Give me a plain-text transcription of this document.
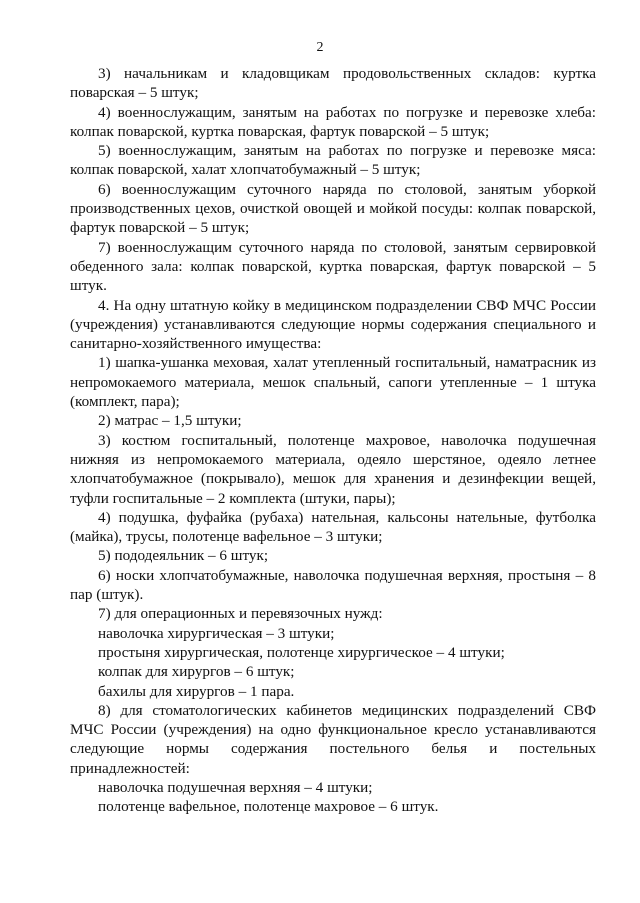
2

3) начальникам и кладовщикам продовольственных складов: куртка поварская – 5 штук;

4) военнослужащим, занятым на работах по погрузке и перевозке хлеба: колпак поварской, куртка поварская, фартук поварской – 5 штук;

5) военнослужащим, занятым на работах по погрузке и перевозке мяса: колпак поварской, халат хлопчатобумажный – 5 штук;

6) военнослужащим суточного наряда по столовой, занятым уборкой производственных цехов, очисткой овощей и мойкой посуды: колпак поварской, фартук поварской – 5 штук;

7) военнослужащим суточного наряда по столовой, занятым сервировкой обеденного зала: колпак поварской, куртка поварская, фартук поварской – 5 штук.

4. На одну штатную койку в медицинском подразделении СВФ МЧС России (учреждения) устанавливаются следующие нормы содержания специального и санитарно-хозяйственного имущества:

1) шапка-ушанка меховая, халат утепленный госпитальный, наматрасник из непромокаемого материала, мешок спальный, сапоги утепленные – 1 штука (комплект, пара);

2) матрас – 1,5 штуки;

3) костюм госпитальный, полотенце махровое, наволочка подушечная нижняя из непромокаемого материала, одеяло шерстяное, одеяло летнее хлопчатобумажное (покрывало), мешок для хранения и дезинфекции вещей, туфли госпитальные – 2 комплекта (штуки, пары);

4) подушка, фуфайка (рубаха) нательная, кальсоны нательные, футболка (майка), трусы, полотенце вафельное – 3 штуки;

5) пододеяльник – 6 штук;

6) носки хлопчатобумажные, наволочка подушечная верхняя, простыня – 8 пар (штук).

7) для операционных и перевязочных нужд:

наволочка хирургическая – 3 штуки;

простыня хирургическая, полотенце хирургическое – 4 штуки;

колпак для хирургов – 6 штук;

бахилы для хирургов – 1 пара.

8) для стоматологических кабинетов медицинских подразделений СВФ МЧС России (учреждения) на одно функциональное кресло устанавливаются следующие нормы содержания постельного белья и постельных принадлежностей:

наволочка подушечная верхняя – 4 штуки;

полотенце вафельное, полотенце махровое – 6 штук.
